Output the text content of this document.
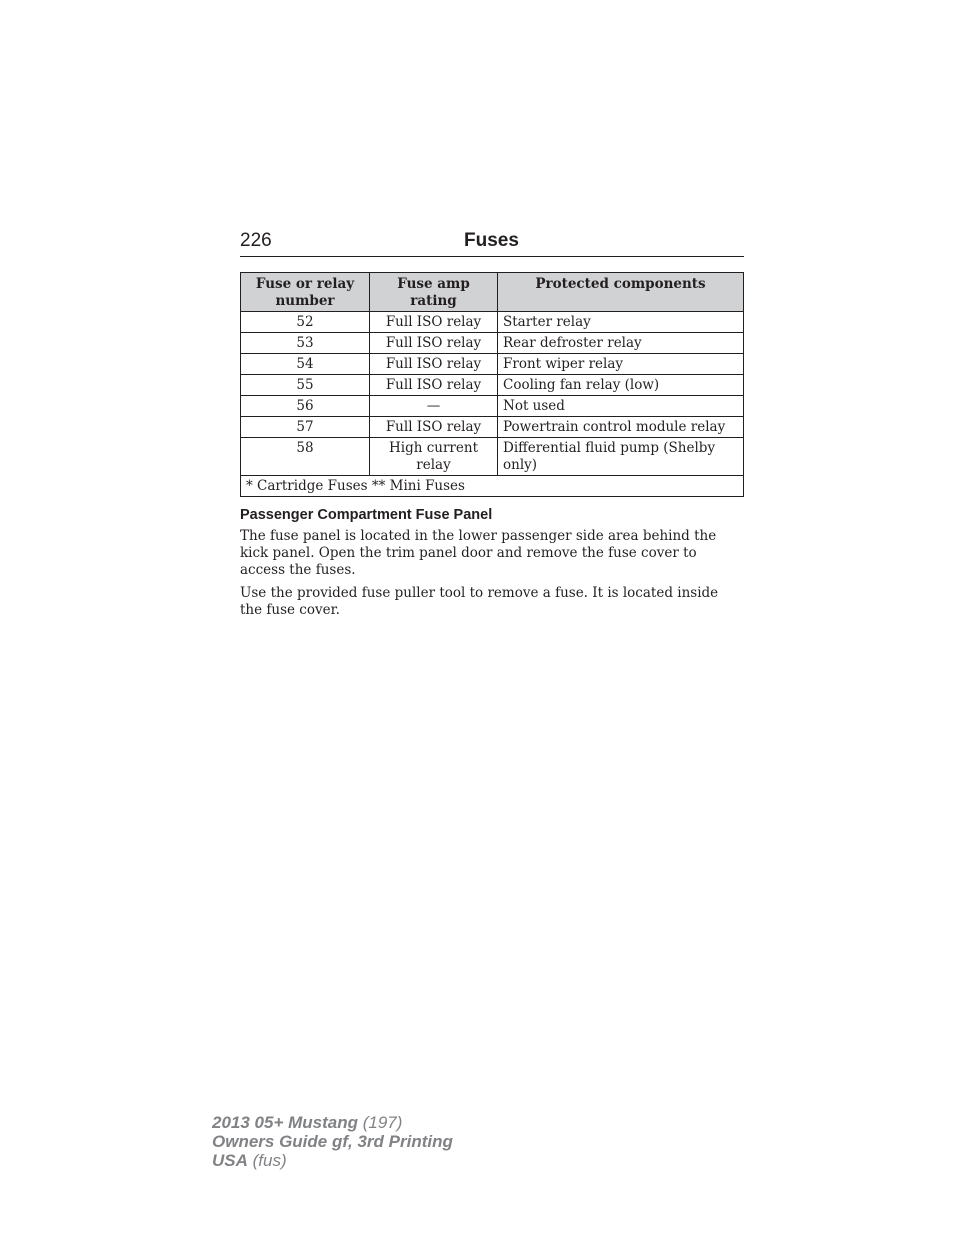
226	Fuses
Fuse or relay number	Fuse amp rating	Protected components
52	Full ISO relay	Starter relay
53	Full ISO relay	Rear defroster relay
54	Full ISO relay	Front wiper relay
55	Full ISO relay	Cooling fan relay (low)
56	—	Not used
57	Full ISO relay	Powertrain control module relay
58	High current relay	Differential fluid pump (Shelby only)
* Cartridge Fuses ** Mini Fuses		
Passenger Compartment Fuse Panel

The fuse panel is located in the lower passenger side area behind the kick panel. Open the trim panel door and remove the fuse cover to access the fuses.

Use the provided fuse puller tool to remove a fuse. It is located inside the fuse cover.

2013 05+ Mustang (197)
Owners Guide gf, 3rd Printing
USA (fus)
